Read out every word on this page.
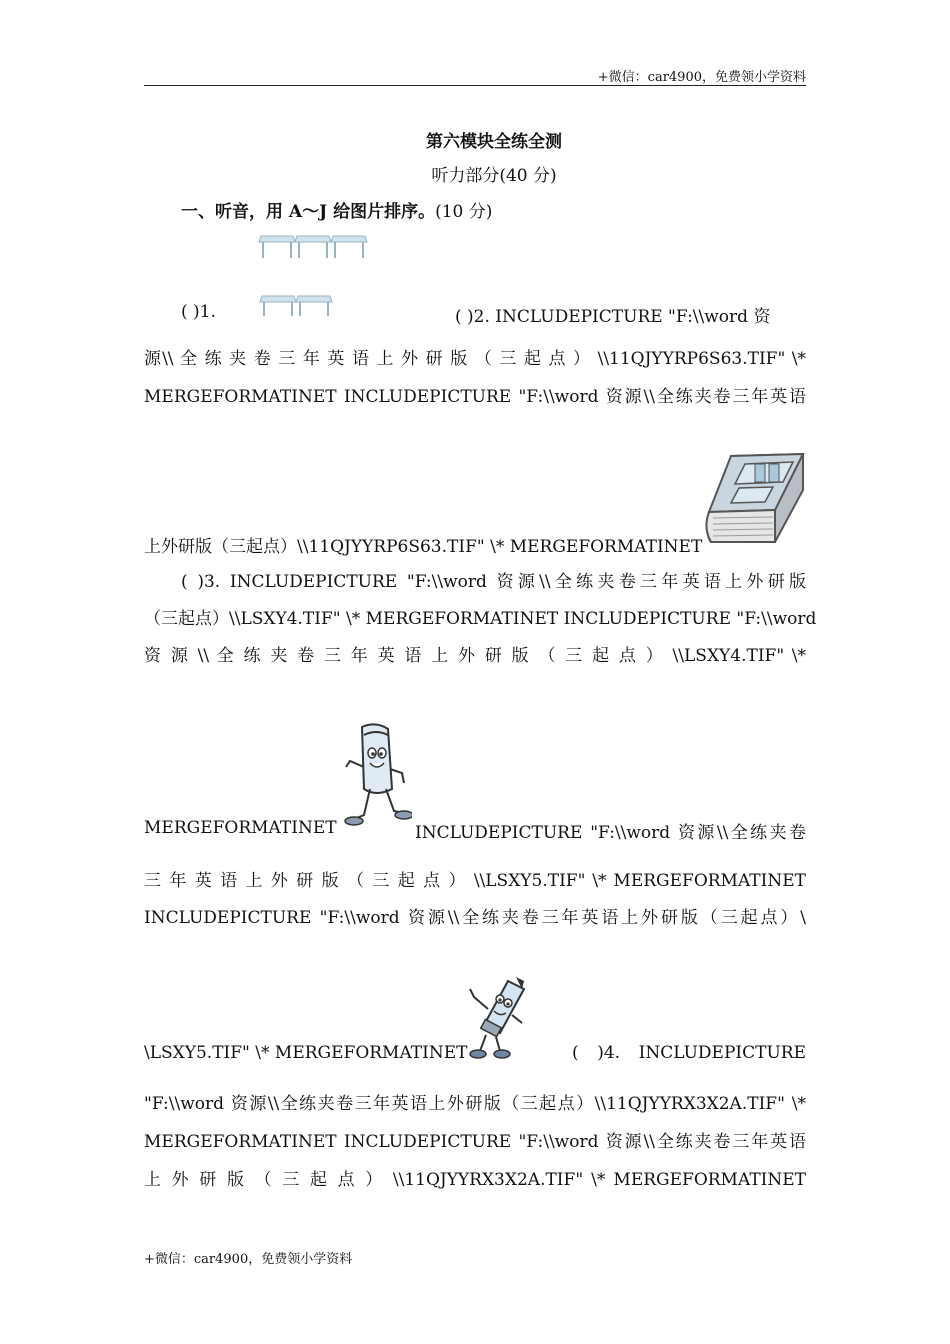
+微信：car4900，免费领小学资料
第六模块全练全测
听力部分(40 分)
一、听音，用 A～J 给图片排序。(10 分)
( )1.	( )2. INCLUDEPICTURE "F:\\word 资
源\\ 全 练 夹 卷 三 年 英 语 上 外 研 版 （ 三 起 点 ） \\11QJYYRP6S63.TIF" \*
MERGEFORMATINET INCLUDEPICTURE "F:\\word 资源\\全练夹卷三年英语
上外研版（三起点）\\11QJYYRP6S63.TIF" \* MERGEFORMATINET
( )3. INCLUDEPICTURE "F:\\word 资源\\全练夹卷三年英语上外研版
（三起点）\\LSXY4.TIF" \* MERGEFORMATINET INCLUDEPICTURE "F:\\word
资 源 \\ 全 练 夹 卷 三 年 英 语 上 外 研 版 （ 三 起 点 ） \\LSXY4.TIF" \*
MERGEFORMATINET	INCLUDEPICTURE "F:\\word 资源\\全练夹卷
三 年 英 语 上 外 研 版 （ 三 起 点 ） \\LSXY5.TIF" \* MERGEFORMATINET
INCLUDEPICTURE "F:\\word 资源\\全练夹卷三年英语上外研版（三起点）\
\LSXY5.TIF" \* MERGEFORMATINET	( )4. INCLUDEPICTURE
"F:\\word 资源\\全练夹卷三年英语上外研版（三起点）\\11QJYYRX3X2A.TIF" \*
MERGEFORMATINET INCLUDEPICTURE "F:\\word 资源\\全练夹卷三年英语
上 外 研 版 （ 三 起 点 ） \\11QJYYRX3X2A.TIF" \* MERGEFORMATINET
+微信：car4900，免费领小学资料
